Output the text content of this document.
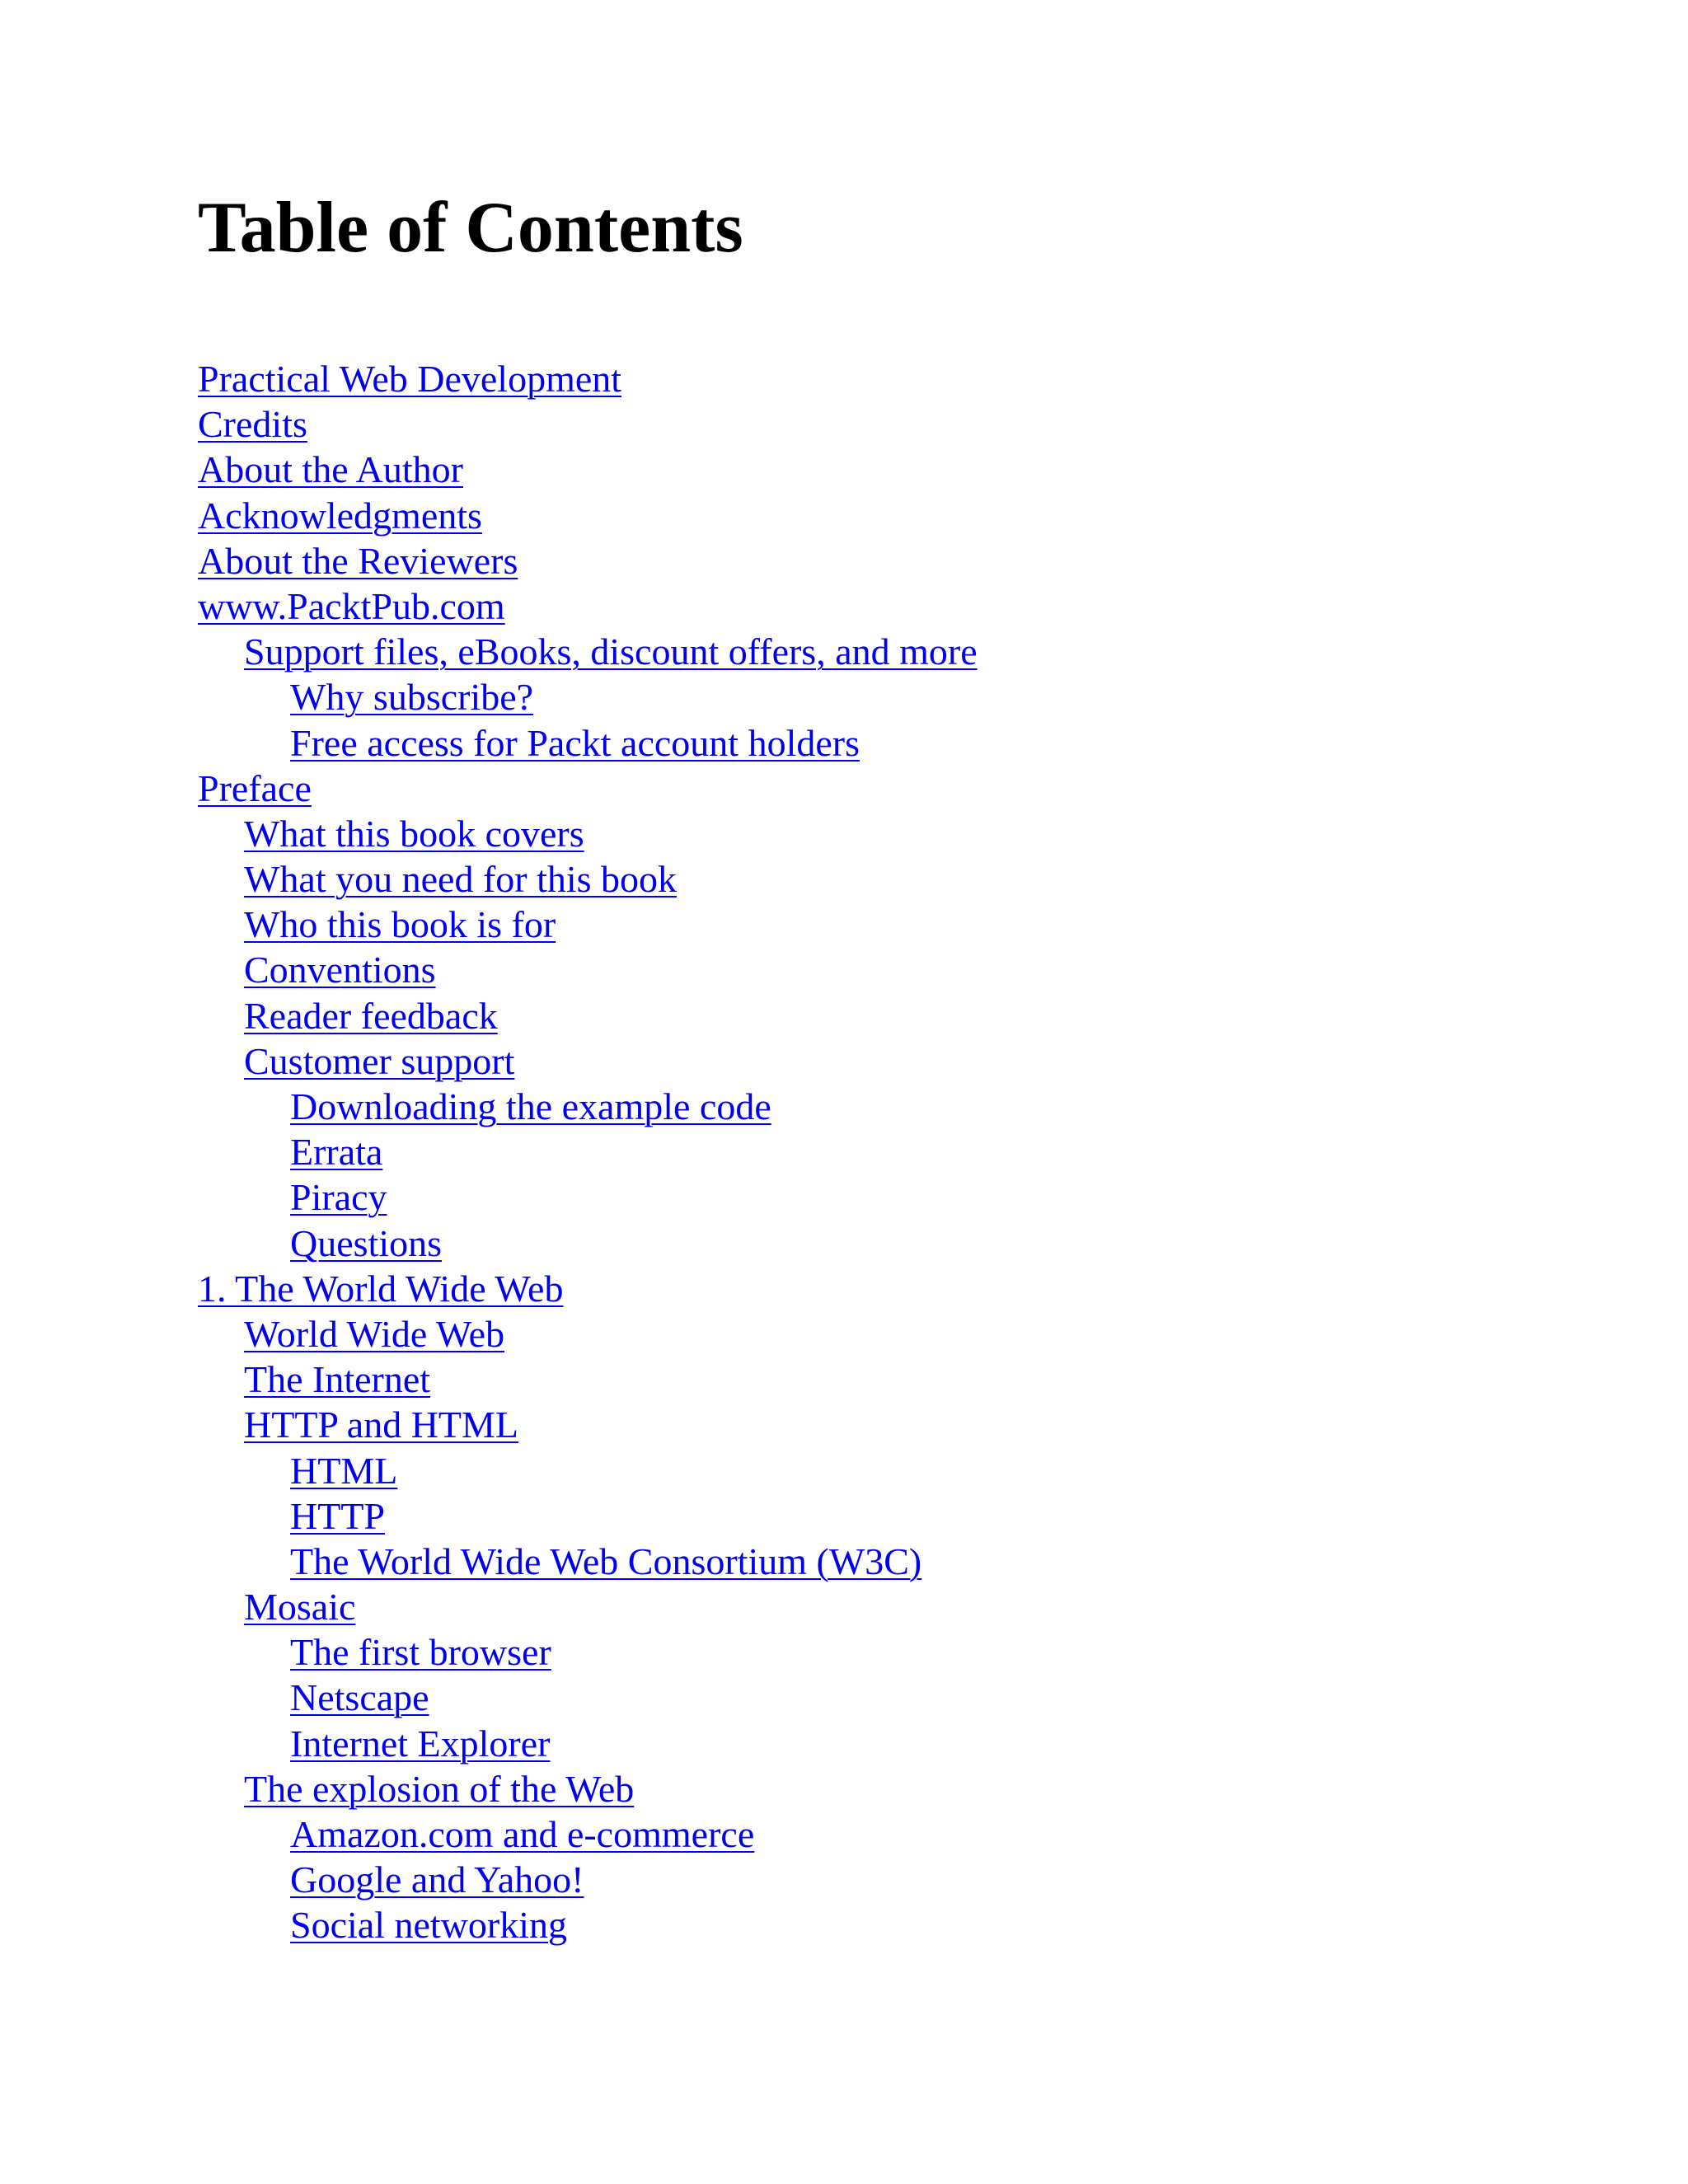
Table of Contents
Practical Web Development
Credits
About the Author
Acknowledgments
About the Reviewers
www.PacktPub.com
Support files, eBooks, discount offers, and more
Why subscribe?
Free access for Packt account holders
Preface
What this book covers
What you need for this book
Who this book is for
Conventions
Reader feedback
Customer support
Downloading the example code
Errata
Piracy
Questions
1. The World Wide Web
World Wide Web
The Internet
HTTP and HTML
HTML
HTTP
The World Wide Web Consortium (W3C)
Mosaic
The first browser
Netscape
Internet Explorer
The explosion of the Web
Amazon.com and e-commerce
Google and Yahoo!
Social networking
